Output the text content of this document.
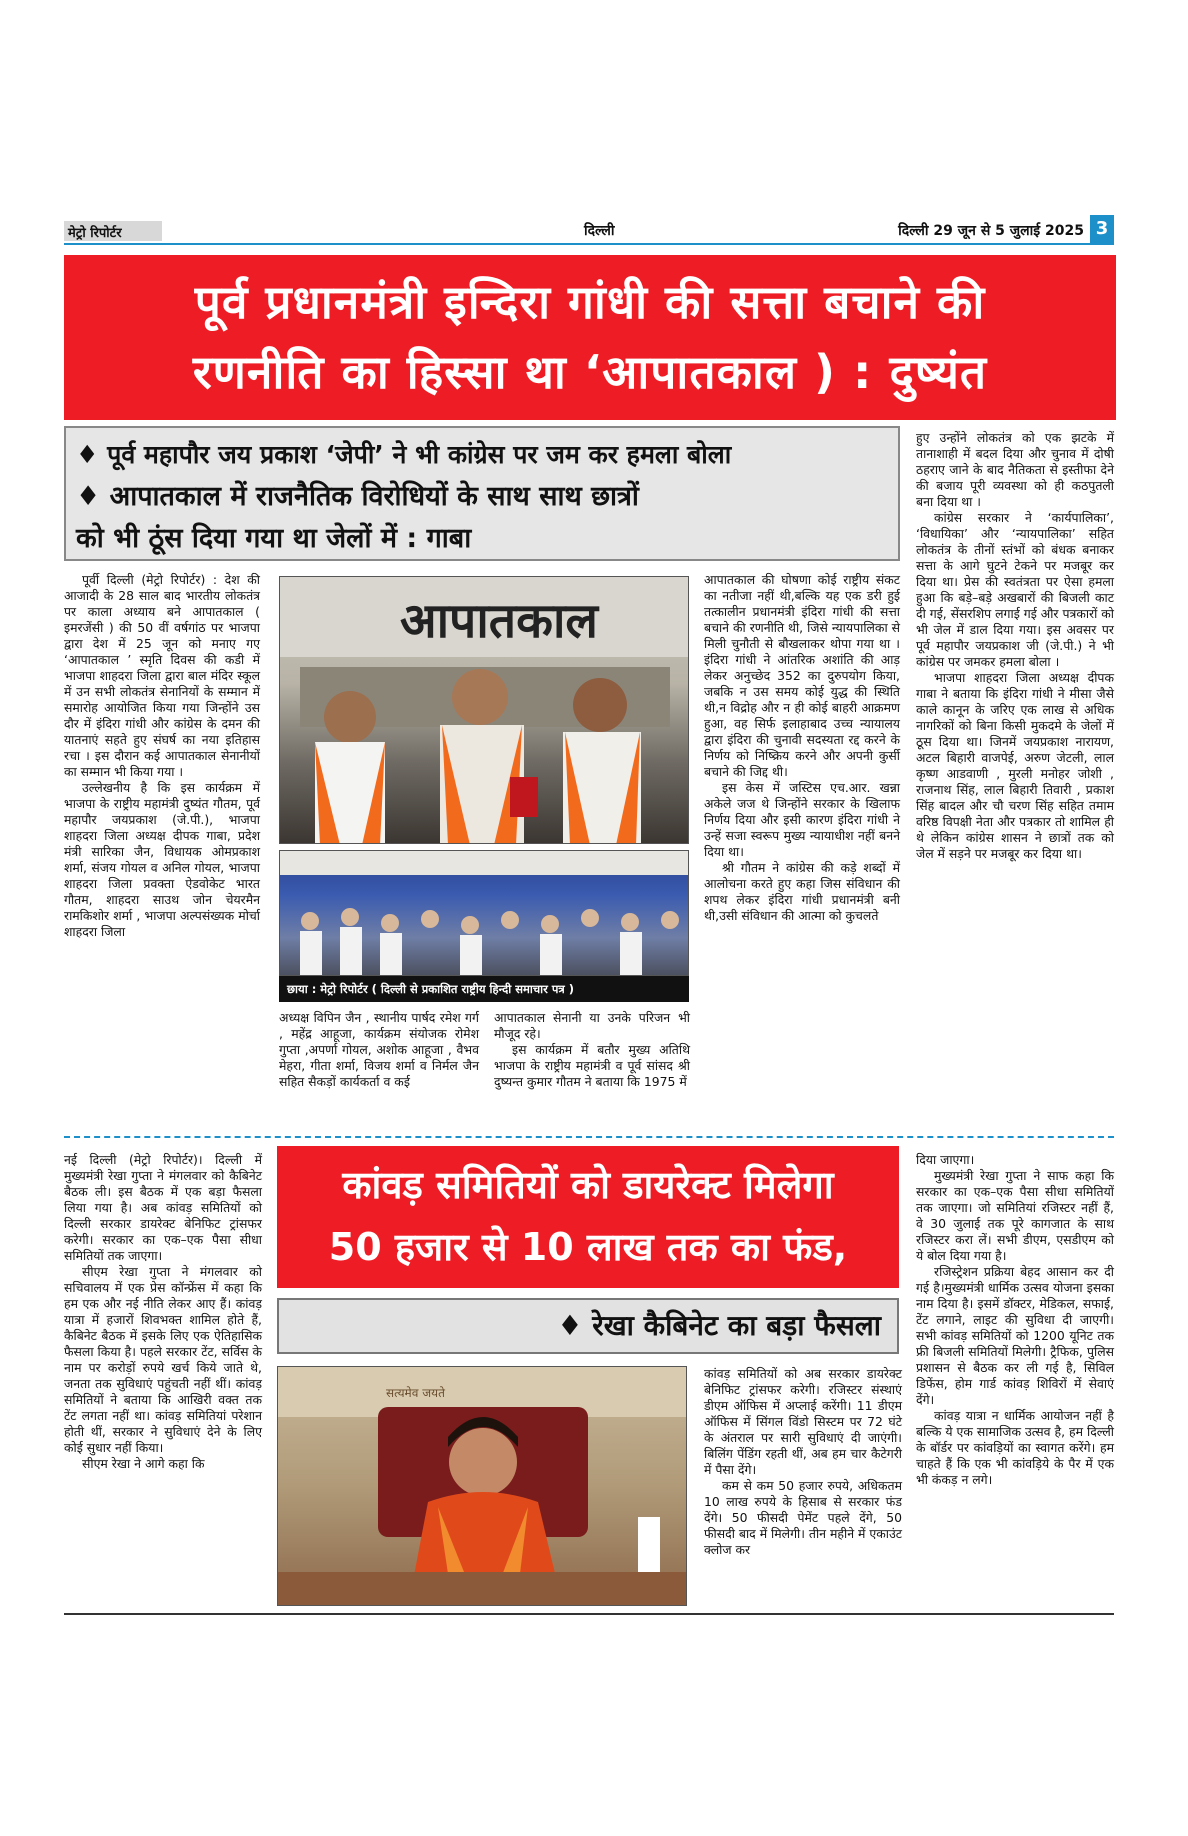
मेट्रो रिपोर्टर	दिल्ली	दिल्ली 29 जून से 5 जुलाई 2025 3
पूर्व प्रधानमंत्री इन्दिरा गांधी की सत्ता बचाने की
रणनीति का हिस्सा था ‘आपातकाल ) : दुष्यंत
♦ पूर्व महापौर जय प्रकाश ‘जेपी’ ने भी कांग्रेस पर जम कर हमला बोला
♦ आपातकाल में राजनैतिक विरोधियों के साथ साथ छात्रों
को भी ठूंस दिया गया था जेलों में : गाबा

पूर्वी दिल्ली (मेट्रो रिपोर्टर) : देश की आजादी के 28 साल बाद भारतीय लोकतंत्र पर काला अध्याय बने आपातकाल ( इमरजेंसी ) की 50 वीं वर्षगांठ पर भाजपा द्वारा देश में 25 जून को मनाए गए ‘आपातकाल ’ स्मृति दिवस की कडी में भाजपा शाहदरा जिला द्वारा बाल मंदिर स्कूल में उन सभी लोकतंत्र सेनानियों के सम्मान में समारोह आयोजित किया गया जिन्होंने उस दौर में इंदिरा गांधी और कांग्रेस के दमन की यातनाएं सहते हुए संघर्ष का नया इतिहास रचा । इस दौरान कई आपातकाल सेनानीयों का सम्मान भी किया गया ।

उल्लेखनीय है कि इस कार्यक्रम में भाजपा के राष्ट्रीय महामंत्री दुष्यंत गौतम, पूर्व महापौर जयप्रकाश (जे.पी.), भाजपा शाहदरा जिला अध्यक्ष दीपक गाबा, प्रदेश मंत्री सारिका जैन, विधायक ओमप्रकाश शर्मा, संजय गोयल व अनिल गोयल, भाजपा शाहदरा जिला प्रवक्ता ऐडवोकेट भारत गौतम, शाहदरा साउथ जोन चेयरमैन रामकिशोर शर्मा , भाजपा अल्पसंख्यक मोर्चा शाहदरा जिला

आपातकाल
छाया : मेट्रो रिपोर्टर ( दिल्ली से प्रकाशित राष्ट्रीय हिन्दी समाचार पत्र )

अध्यक्ष विपिन जैन , स्थानीय पार्षद रमेश गर्ग , महेंद्र आहूजा, कार्यक्रम संयोजक रोमेश गुप्ता ,अपर्णा गोयल, अशोक आहूजा , वैभव मेहरा, गीता शर्मा, विजय शर्मा व निर्मल जैन सहित सैकड़ों कार्यकर्ता व कई

आपातकाल सेनानी या उनके परिजन भी मौजूद रहे।

इस कार्यक्रम में बतौर मुख्य अतिथि भाजपा के राष्ट्रीय महामंत्री व पूर्व सांसद श्री दुष्यन्त कुमार गौतम ने बताया कि 1975 में

आपातकाल की घोषणा कोई राष्ट्रीय संकट का नतीजा नहीं थी,बल्कि यह एक डरी हुई तत्कालीन प्रधानमंत्री इंदिरा गांधी की सत्ता बचाने की रणनीति थी, जिसे न्यायपालिका से मिली चुनौती से बौखलाकर थोपा गया था । इंदिरा गांधी ने आंतरिक अशांति की आड़ लेकर अनुच्छेद 352 का दुरुपयोग किया, जबकि न उस समय कोई युद्ध की स्थिति थी,न विद्रोह और न ही कोई बाहरी आक्रमण हुआ, वह सिर्फ इलाहाबाद उच्च न्यायालय द्वारा इंदिरा की चुनावी सदस्यता रद्द करने के निर्णय को निष्क्रिय करने और अपनी कुर्सी बचाने की जिद्द थी।

इस केस में जस्टिस एच.आर. खन्ना अकेले जज थे जिन्होंने सरकार के खिलाफ निर्णय दिया और इसी कारण इंदिरा गांधी ने उन्हें सजा स्वरूप मुख्य न्यायाधीश नहीं बनने दिया था।

श्री गौतम ने कांग्रेस की कड़े शब्दों में आलोचना करते हुए कहा जिस संविधान की शपथ लेकर इंदिरा गांधी प्रधानमंत्री बनी थी,उसी संविधान की आत्मा को कुचलते

हुए उन्होंने लोकतंत्र को एक झटके में तानाशाही में बदल दिया और चुनाव में दोषी ठहराए जाने के बाद नैतिकता से इस्तीफा देने की बजाय पूरी व्यवस्था को ही कठपुतली बना दिया था ।

कांग्रेस सरकार ने ‘कार्यपालिका’, ‘विधायिका’ और ‘न्यायपालिका’ सहित लोकतंत्र के तीनों स्तंभों को बंधक बनाकर सत्ता के आगे घुटने टेकने पर मजबूर कर दिया था। प्रेस की स्वतंत्रता पर ऐसा हमला हुआ कि बड़े–बड़े अखबारों की बिजली काट दी गई, सेंसरशिप लगाई गई और पत्रकारों को भी जेल में डाल दिया गया। इस अवसर पर पूर्व महापौर जयप्रकाश जी (जे.पी.) ने भी कांग्रेस पर जमकर हमला बोला ।

भाजपा शाहदरा जिला अध्यक्ष दीपक गाबा ने बताया कि इंदिरा गांधी ने मीसा जैसे काले कानून के जरिए एक लाख से अधिक नागरिकों को बिना किसी मुकदमे के जेलों में ठूस दिया था। जिनमें जयप्रकाश नारायण, अटल बिहारी वाजपेई, अरुण जेटली, लाल कृष्ण आडवाणी , मुरली मनोहर जोशी , राजनाथ सिंह, लाल बिहारी तिवारी , प्रकाश सिंह बादल और चौ चरण सिंह सहित तमाम वरिष्ठ विपक्षी नेता और पत्रकार तो शामिल ही थे लेकिन कांग्रेस शासन ने छात्रों तक को जेल में सड़ने पर मजबूर कर दिया था।

कांवड़ समितियों को डायरेक्ट मिलेगा
50 हजार से 10 लाख तक का फंड,
♦ रेखा कैबिनेट का बड़ा फैसला

नई दिल्ली (मेट्रो रिपोर्टर)। दिल्ली में मुख्यमंत्री रेखा गुप्ता ने मंगलवार को कैबिनेट बैठक ली। इस बैठक में एक बड़ा फैसला लिया गया है। अब कांवड़ समितियों को दिल्ली सरकार डायरेक्ट बेनिफिट ट्रांसफर करेगी। सरकार का एक–एक पैसा सीधा समितियों तक जाएगा।

सीएम रेखा गुप्ता ने मंगलवार को सचिवालय में एक प्रेस कॉन्फ्रेंस में कहा कि हम एक और नई नीति लेकर आए हैं। कांवड़ यात्रा में हजारों शिवभक्त शामिल होते हैं, कैबिनेट बैठक में इसके लिए एक ऐतिहासिक फैसला किया है। पहले सरकार टेंट, सर्विस के नाम पर करोड़ों रुपये खर्च किये जाते थे, जनता तक सुविधाएं पहुंचती नहीं थीं। कांवड़ समितियों ने बताया कि आखिरी वक्त तक टेंट लगता नहीं था। कांवड़ समितियां परेशान होती थीं, सरकार ने सुविधाएं देने के लिए कोई सुधार नहीं किया।

सीएम रेखा ने आगे कहा कि

सत्यमेव जयते

कांवड़ समितियों को अब सरकार डायरेक्ट बेनिफिट ट्रांसफर करेगी। रजिस्टर संस्थाएं डीएम ऑफिस में अप्लाई करेंगी। 11 डीएम ऑफिस में सिंगल विंडो सिस्टम पर 72 घंटे के अंतराल पर सारी सुविधाएं दी जाएंगी। बिलिंग पेंडिंग रहती थीं, अब हम चार कैटेगरी में पैसा देंगे।

कम से कम 50 हजार रुपये, अधिकतम 10 लाख रुपये के हिसाब से सरकार फंड देंगे। 50 फीसदी पेमेंट पहले देंगे, 50 फीसदी बाद में मिलेगी। तीन महीने में एकाउंट क्लोज कर

दिया जाएगा।

मुख्यमंत्री रेखा गुप्ता ने साफ कहा कि सरकार का एक–एक पैसा सीधा समितियों तक जाएगा। जो समितियां रजिस्टर नहीं हैं, वे 30 जुलाई तक पूरे कागजात के साथ रजिस्टर करा लें। सभी डीएम, एसडीएम को ये बोल दिया गया है।

रजिस्ट्रेशन प्रक्रिया बेहद आसान कर दी गई है।मुख्यमंत्री धार्मिक उत्सव योजना इसका नाम दिया है। इसमें डॉक्टर, मेडिकल, सफाई, टेंट लगाने, लाइट की सुविधा दी जाएगी। सभी कांवड़ समितियों को 1200 यूनिट तक फ्री बिजली समितियों मिलेगी। ट्रैफिक, पुलिस प्रशासन से बैठक कर ली गई है, सिविल डिफेंस, होम गार्ड कांवड़ शिविरों में सेवाएं देंगे।

कांवड़ यात्रा न धार्मिक आयोजन नहीं है बल्कि ये एक सामाजिक उत्सव है, हम दिल्ली के बॉर्डर पर कांवड़ियों का स्वागत करेंगे। हम चाहते हैं कि एक भी कांवड़िये के पैर में एक भी कंकड़ न लगे।
